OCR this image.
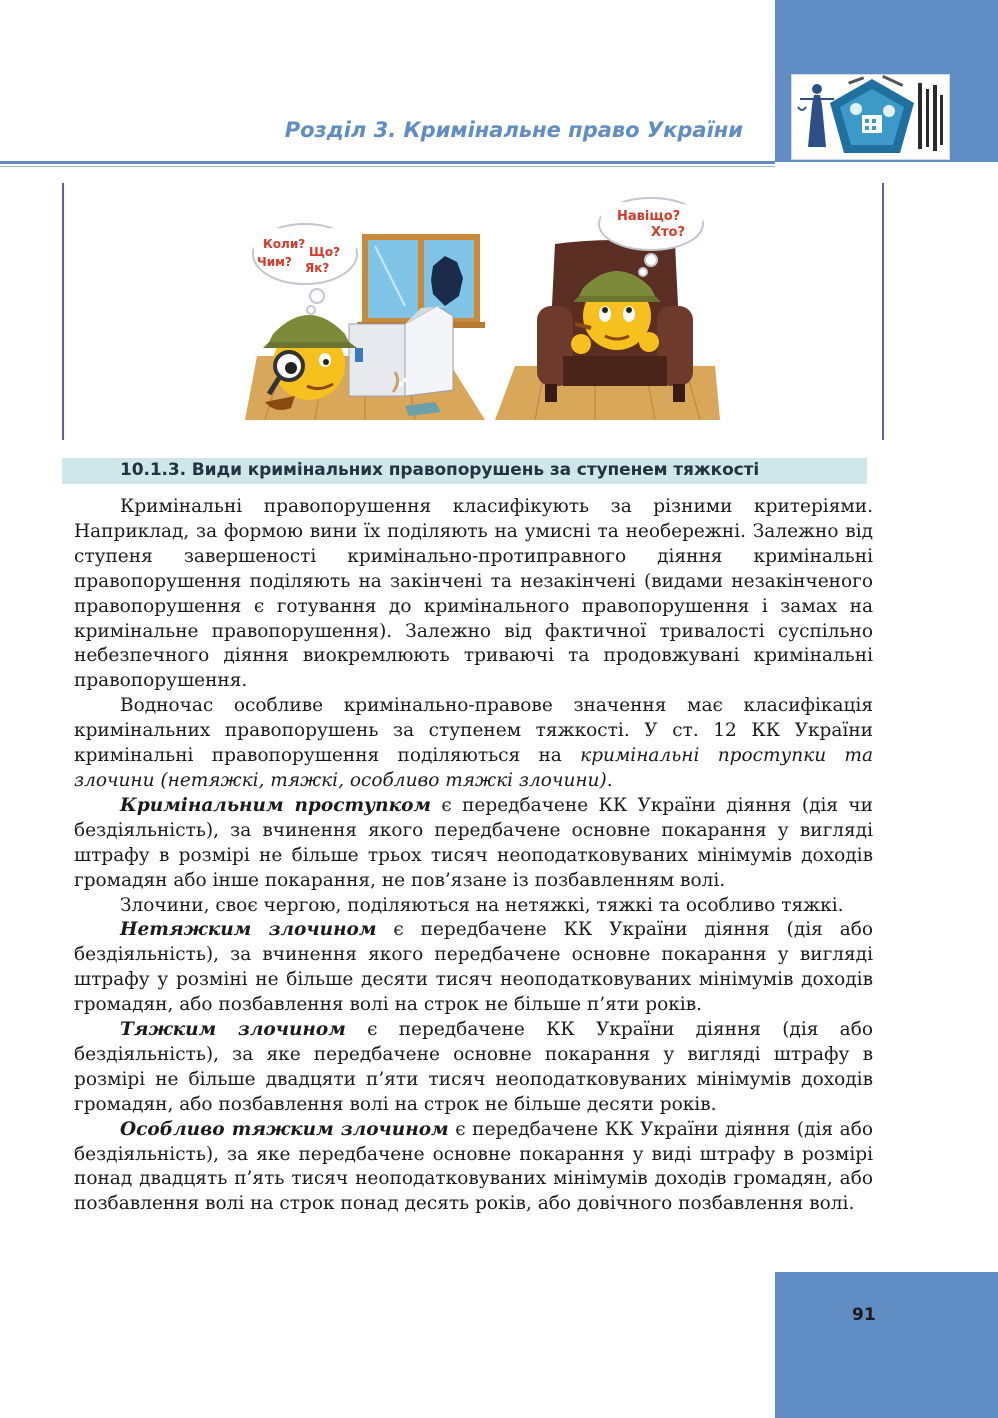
Розділ 3. Кримінальне право України
Коли?
Що?
Чим? Як?
Навіщо?
Хто?
10.1.3. Види кримінальних правопорушень за ступенем тяжкості

Кримінальні правопорушення класифікують за різними критеріями. Наприклад, за формою вини їх поділяють на умисні та необережні. Залежно від ступеня завершеності кримінально-протиправного діяння кримінальні правопорушення поділяють на закінчені та незакінчені (видами незакінченого правопорушення є готування до кримінального правопорушення і замах на кримінальне правопорушення). Залежно від фактичної тривалості суспільно небезпечного діяння виокремлюють триваючі та продовжувані кримінальні правопорушення.

Водночас особливе кримінально-правове значення має класифікація кримінальних правопорушень за ступенем тяжкості. У ст. 12 КК України кримінальні правопорушення поділяються на кримінальні проступки та злочини (нетяжкі, тяжкі, особливо тяжкі злочини).

Кримінальним проступком є передбачене КК України діяння (дія чи бездіяльність), за вчинення якого передбачене основне покарання у вигляді штрафу в розмірі не більше трьох тисяч неоподатковуваних мінімумів доходів громадян або інше покарання, не пов’язане із позбавленням волі.

Злочини, своє чергою, поділяються на нетяжкі, тяжкі та особливо тяжкі.

Нетяжким злочином є передбачене КК України діяння (дія або бездіяльність), за вчинення якого передбачене основне покарання у вигляді штрафу у розміні не більше десяти тисяч неоподатковуваних мінімумів доходів громадян, або позбавлення волі на строк не більше п’яти років.

Тяжким злочином є передбачене КК України діяння (дія або бездіяльність), за яке передбачене основне покарання у вигляді штрафу в розмірі не більше двадцяти п’яти тисяч неоподатковуваних мінімумів доходів громадян, або позбавлення волі на строк не більше десяти років.

Особливо тяжким злочином є передбачене КК України діяння (дія або бездіяльність), за яке передбачене основне покарання у виді штрафу в розмірі понад двадцять п’ять тисяч неоподатковуваних мінімумів доходів громадян, або позбавлення волі на строк понад десять років, або довічного позбавлення волі.

91
